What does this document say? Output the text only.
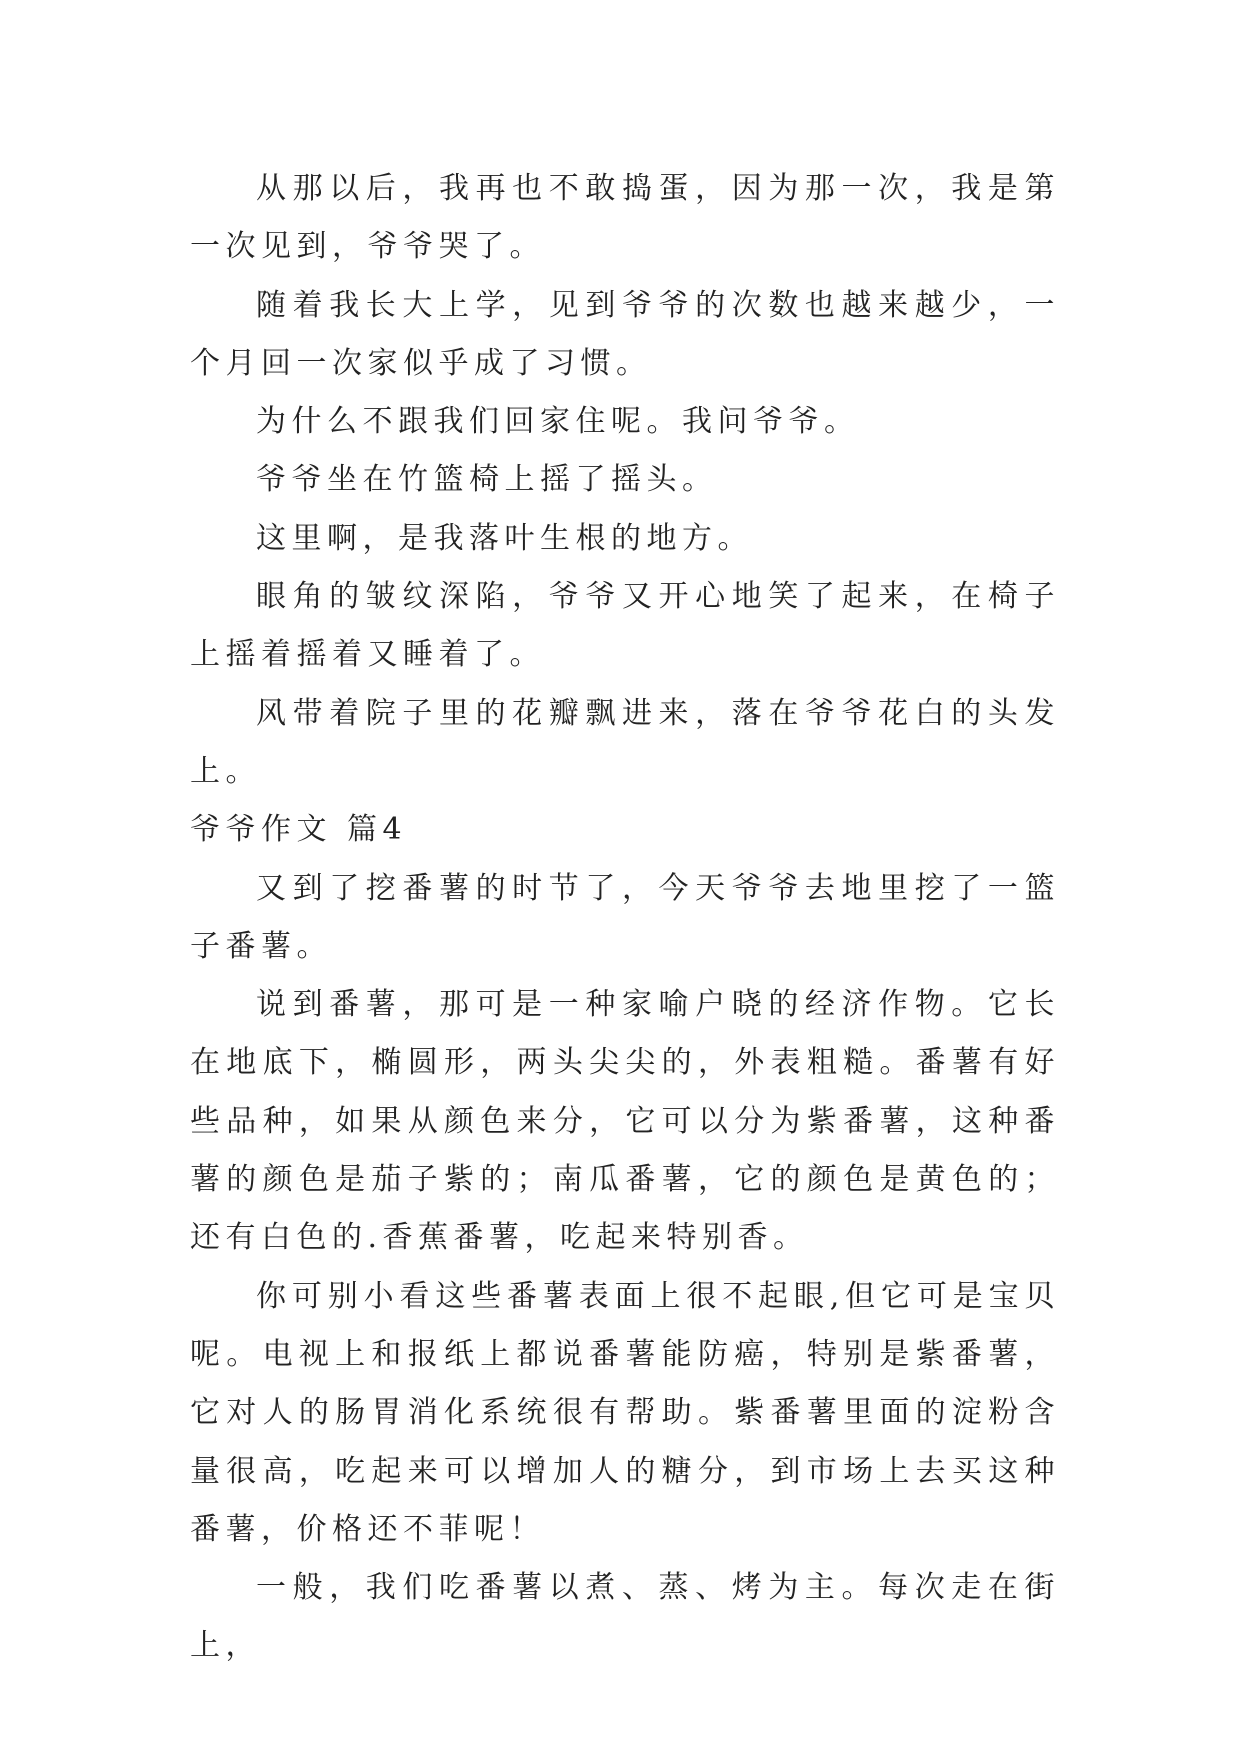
从那以后，我再也不敢捣蛋，因为那一次，我是第一次见到，爷爷哭了。

随着我长大上学，见到爷爷的次数也越来越少，一个月回一次家似乎成了习惯。

为什么不跟我们回家住呢。我问爷爷。

爷爷坐在竹篮椅上摇了摇头。

这里啊，是我落叶生根的地方。

眼角的皱纹深陷，爷爷又开心地笑了起来，在椅子上摇着摇着又睡着了。

风带着院子里的花瓣飘进来，落在爷爷花白的头发上。

爷爷作文 篇4

又到了挖番薯的时节了，今天爷爷去地里挖了一篮子番薯。

说到番薯，那可是一种家喻户晓的经济作物。它长在地底下，椭圆形，两头尖尖的，外表粗糙。番薯有好些品种，如果从颜色来分，它可以分为紫番薯，这种番薯的颜色是茄子紫的；南瓜番薯，它的颜色是黄色的；还有白色的.香蕉番薯，吃起来特别香。

你可别小看这些番薯表面上很不起眼,但它可是宝贝呢。电视上和报纸上都说番薯能防癌，特别是紫番薯，它对人的肠胃消化系统很有帮助。紫番薯里面的淀粉含量很高，吃起来可以增加人的糖分，到市场上去买这种番薯，价格还不菲呢！

一般，我们吃番薯以煮、蒸、烤为主。每次走在街上，
